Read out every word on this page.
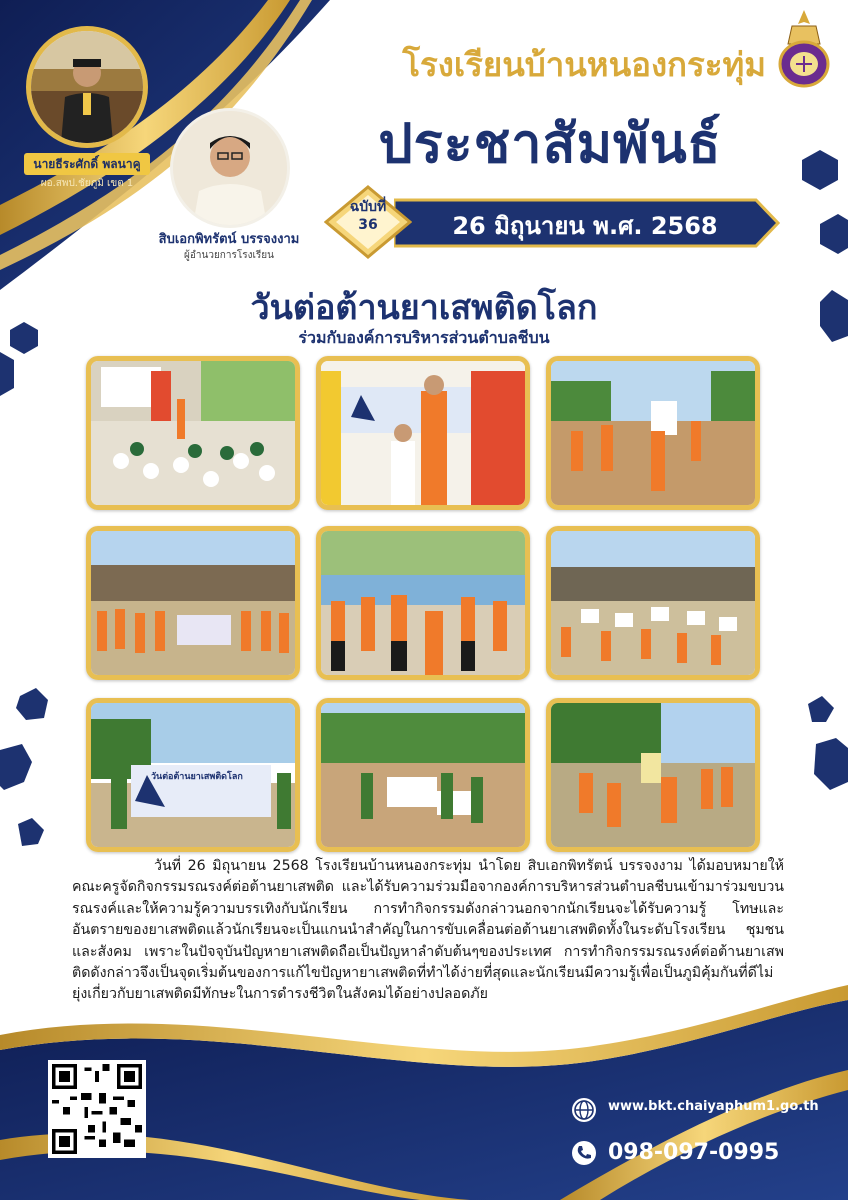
นายธีระศักดิ์ พลนาคู
ผอ.สพป.ชัยภูมิ เขต 1
สิบเอกพิทรัตน์ บรรจงงาม
ผู้อำนวยการโรงเรียน
โรงเรียนบ้านหนองกระทุ่ม
ประชาสัมพันธ์
26 มิถุนายน พ.ศ. 2568
ฉบับที่
36
วันต่อต้านยาเสพติดโลก
ร่วมกับองค์การบริหารส่วนตำบลชีบน
วันต่อต้านยาเสพติดโลก
วันที่ 26 มิถุนายน 2568 โรงเรียนบ้านหนองกระทุ่ม นำโดย สิบเอกพิทรัตน์ บรรจงงาม ได้มอบหมายให้คณะครูจัดกิจกรรมรณรงค์ต่อต้านยาเสพติด และได้รับความร่วมมือจากองค์การบริหารส่วนตำบลชีบนเข้ามาร่วมขบวนรณรงค์และให้ความรู้ความบรรเทิงกับนักเรียน การทำกิจกรรมดังกล่าวนอกจากนักเรียนจะได้รับความรู้ โทษและอันตรายของยาเสพติดแล้วนักเรียนจะเป็นแกนนำสำคัญในการขับเคลื่อนต่อต้านยาเสพติดทั้งในระดับโรงเรียน ชุมชนและสังคม เพราะในปัจจุบันปัญหายาเสพติดถือเป็นปัญหาลำดับต้นๆของประเทศ การทำกิจกรรมรณรงค์ต่อต้านยาเสพติดดังกล่าวจึงเป็นจุดเริ่มต้นของการแก้ไขปัญหายาเสพติดที่ทำได้ง่ายที่สุดและนักเรียนมีความรู้เพื่อเป็นภูมิคุ้มกันที่ดีไม่ยุ่งเกี่ยวกับยาเสพติดมีทักษะในการดำรงชีวิตในสังคมได้อย่างปลอดภัย
www.bkt.chaiyaphum1.go.th
098-097-0995
